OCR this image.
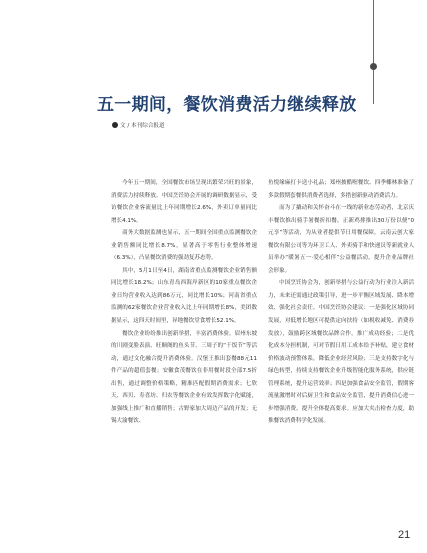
五一期间，餐饮消费活力继续释放
文 / 本刊综合报道

今年五一期间，全国餐饮市场呈现出繁荣兴旺的景象，消费活力持续释放。中国烹饪协会开展的调研数据显示，受访餐饮企业客流量比上年同期增长2.6%，外卖订单量同比增长4.1%。

商务大数据监测也显示，五一期间全国重点监测餐饮企业销售额同比增长8.7%，显著高于零售行业整体增速（6.3%），凸显餐饮消费的强劲复苏态势。

其中，5月1日至4日，湖南省重点监测餐饮企业销售额同比增长18.2%；山东青岛西海岸新区的10家重点餐饮企业日均营业收入达到86万元，同比增长10%；河南省重点监测的62家餐饮企业营业收入比上年同期增长8%，美团数据显示，这四天时间里，异地餐饮堂食增长52.1%。

餐饮企业纷纷推出创新举措，丰富消费体验。眉州东坡的川剧变脸表演、旺顺阁的鱼头节、三周子的“干饭节”等活动，通过文化融合提升消费体验。汉堡王推出套餐88元11件产品的超值套餐；安徽食茂餐饮在非用餐时段全部7.5折出售，通过调整价格策略，精准匹配假期消费需求；七欣天、西贝、寿喜坊、归农等餐饮企业有效发挥数字化赋能，加强线上推广和直播销售；古野家加大周边产品的开发；无锡大渝餐饮、

鱼悦缘麻打卡送小礼品；郑州披酷喔餐饮、四季椰林准备了多款假期套餐供消费者选择，多措创新驱动消费活力。

而为了撬动和关怀奋斗在一线的新业态劳动者，北京庆丰餐饮推出骑手暑餐折扣餐，正新鸡排推出30万份以便“0元享”等活动，为从业者提供节日用餐保障。云南云创大家餐饮有限公司等为环卫工人、外卖骑手和快递员等新就业人员举办“暖暑五一·爱心相伴”公益餐活动，提升企业品牌社会形象。

中国烹饪协会为，创新举措与公益行动为行业注入新活力，未来还需通过政策引导，进一步平衡区域发展、降本增效、强化社会责任。中国烹饪协会建议：一是强化区域协同发展，对低增长地区可提供定向扶持（如税收减免、消费券发放），鼓励跨区域餐饮品牌合作，推广成功经验；二是优化成本分担机制，可对节假日用工成本给予补贴，建立食材价格波动预警体系，降低企业经营风险；三是支持数字化与绿色转型，持续支持餐饮企业升级智能化服务系统，供应链管理系统，提升运营效率；四是加强食品安全监管，假期客流量激增时对后厨卫生和食品安全监管，提升消费信心进一步增强消费，提升全体提高要求。应加大夹击检查力度，助推餐饮消费科学化发展。

21
